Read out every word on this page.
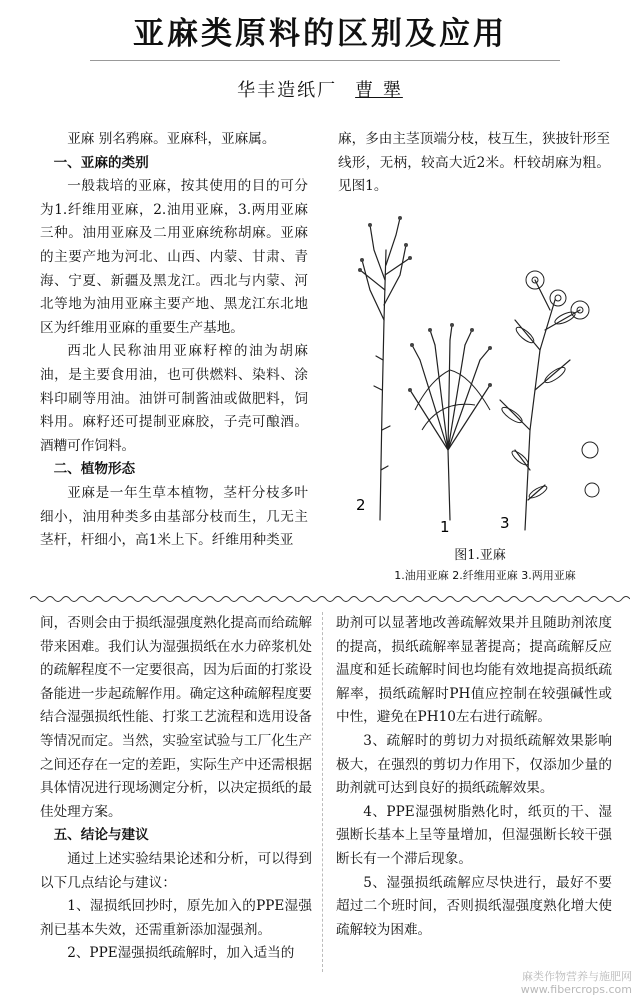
亚麻类原料的区别及应用
华丰造纸厂 曹 犟

亚麻 别名鸦麻。亚麻科，亚麻属。

一、亚麻的类别

一般栽培的亚麻，按其使用的目的可分为1.纤维用亚麻，2.油用亚麻，3.两用亚麻三种。油用亚麻及二用亚麻统称胡麻。亚麻的主要产地为河北、山西、内蒙、甘肃、青海、宁夏、新疆及黑龙江。西北与内蒙、河北等地为油用亚麻主要产地、黑龙江东北地区为纤维用亚麻的重要生产基地。

西北人民称油用亚麻籽榨的油为胡麻油，是主要食用油，也可供燃料、染料、涂料印刷等用油。油饼可制酱油或做肥料，饲料用。麻籽还可提制亚麻胶，子壳可酿酒。酒糟可作饲料。

二、植物形态

亚麻是一年生草本植物，茎杆分枝多叶细小，油用种类多由基部分枝而生，几无主茎杆，杆细小，高1米上下。纤维用种类亚

麻，多由主茎顶端分枝，枝互生，狭披针形至线形，无柄，较高大近2米。杆较胡麻为粗。见图1。

2
1	3
图1.亚麻
1.油用亚麻 2.纤维用亚麻 3.两用亚麻

间，否则会由于损纸湿强度熟化提高而给疏解带来困难。我们认为湿强损纸在水力碎浆机处的疏解程度不一定要很高，因为后面的打浆设备能进一步起疏解作用。确定这种疏解程度要结合湿强损纸性能、打浆工艺流程和选用设备等情况而定。当然，实验室试验与工厂化生产之间还存在一定的差距，实际生产中还需根据具体情况进行现场测定分析，以决定损纸的最佳处理方案。

五、结论与建议

通过上述实验结果论述和分析，可以得到以下几点结论与建议：

1、湿损纸回抄时，原先加入的PPE湿强剂已基本失效，还需重新添加湿强剂。

2、PPE湿强损纸疏解时，加入适当的

助剂可以显著地改善疏解效果并且随助剂浓度的提高，损纸疏解率显著提高；提高疏解反应温度和延长疏解时间也均能有效地提高损纸疏解率，损纸疏解时PH值应控制在较强碱性或中性，避免在PH10左右进行疏解。

3、疏解时的剪切力对损纸疏解效果影响极大，在强烈的剪切力作用下，仅添加少量的助剂就可达到良好的损纸疏解效果。

4、PPE湿强树脂熟化时，纸页的干、湿强断长基本上呈等量增加，但湿强断长较干强断长有一个滞后现象。

5、湿强损纸疏解应尽快进行，最好不要超过二个班时间，否则损纸湿强度熟化增大使疏解较为困难。

麻类作物营养与施肥网
www.fibercrops.com
